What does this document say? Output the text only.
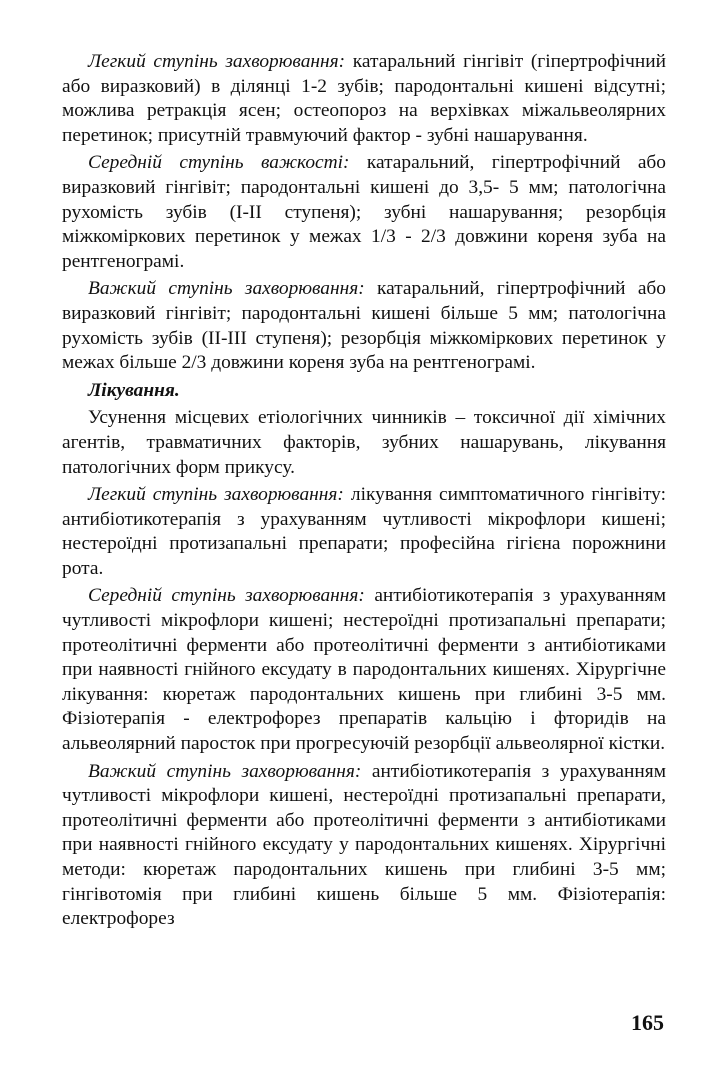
Легкий ступінь захворювання: катаральний гінгівіт (гіпертрофічний або виразковий) в ділянці 1-2 зубів; пародонтальні кишені відсутні; можлива ретракція ясен; остеопороз на верхівках міжальвеолярних перетинок; присутній травмуючий фактор - зубні нашарування.

Середній ступінь важкості: катаральний, гіпертрофічний або виразковий гінгівіт; пародонтальні кишені до 3,5- 5 мм; патологічна рухомість зубів (І-ІІ ступеня); зубні нашарування; резорбція міжкоміркових перетинок у межах 1/3 - 2/3 довжини кореня зуба на рентгенограмі.

Важкий ступінь захворювання: катаральний, гіпертрофічний або виразковий гінгівіт; пародонтальні кишені більше 5 мм; патологічна рухомість зубів (ІІ-ІІІ ступеня); резорбція міжкоміркових перетинок у межах більше 2/3 довжини кореня зуба на рентгенограмі.

Лікування.

Усунення місцевих етіологічних чинників – токсичної дії хімічних агентів, травматичних факторів, зубних нашарувань, лікування патологічних форм прикусу.

Легкий ступінь захворювання: лікування симптоматичного гінгівіту: антибіотикотерапія з урахуванням чутливості мікрофлори кишені; нестероїдні протизапальні препарати; професійна гігієна порожнини рота.

Середній ступінь захворювання: антибіотикотерапія з урахуванням чутливості мікрофлори кишені; нестероїдні протизапальні препарати; протеолітичні ферменти або протеолітичні ферменти з антибіотиками при наявності гнійного ексудату в пародонтальних кишенях. Хірургічне лікування: кюретаж пародонтальних кишень при глибині 3-5 мм. Фізіотерапія - електрофорез препаратів кальцію і фторидів на альвеолярний паросток при прогресуючій резорбції альвеолярної кістки.

Важкий ступінь захворювання: антибіотикотерапія з урахуванням чутливості мікрофлори кишені, нестероїдні протизапальні препарати, протеолітичні ферменти або протеолітичні ферменти з антибіотиками при наявності гнійного ексудату у пародонтальних кишенях. Хірургічні методи: кюретаж пародонтальних кишень при глибині 3-5 мм; гінгівотомія при глибині кишень більше 5 мм. Фізіотерапія: електрофорез

165
